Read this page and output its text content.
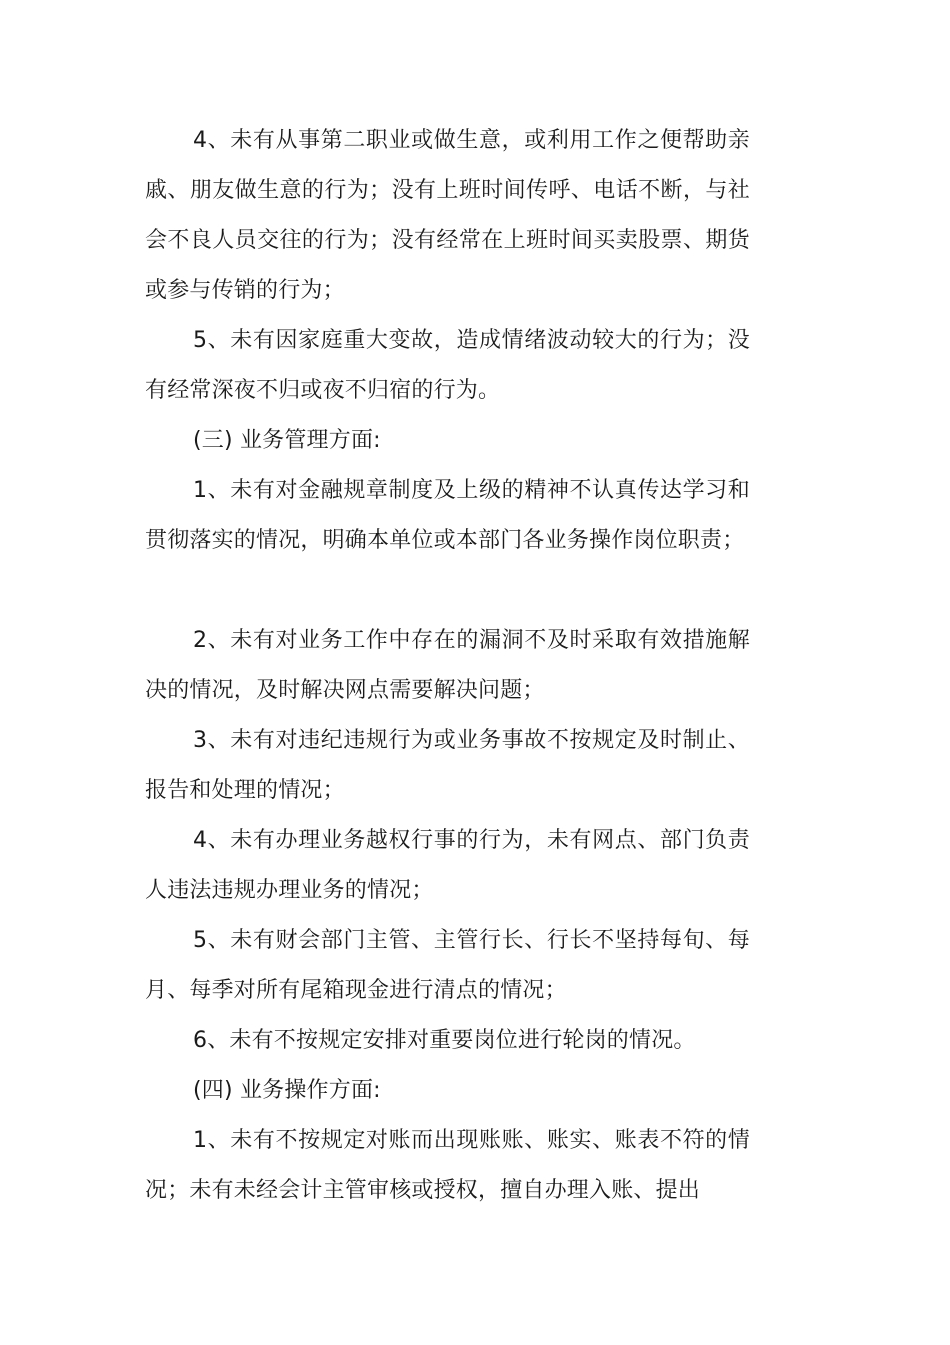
4、未有从事第二职业或做生意，或利用工作之便帮助亲戚、朋友做生意的行为；没有上班时间传呼、电话不断，与社会不良人员交往的行为；没有经常在上班时间买卖股票、期货或参与传销的行为；

5、未有因家庭重大变故，造成情绪波动较大的行为；没有经常深夜不归或夜不归宿的行为。

(三) 业务管理方面:

1、未有对金融规章制度及上级的精神不认真传达学习和贯彻落实的情况，明确本单位或本部门各业务操作岗位职责；

2、未有对业务工作中存在的漏洞不及时采取有效措施解决的情况，及时解决网点需要解决问题；

3、未有对违纪违规行为或业务事故不按规定及时制止、报告和处理的情况；

4、未有办理业务越权行事的行为，未有网点、部门负责人违法违规办理业务的情况；

5、未有财会部门主管、主管行长、行长不坚持每旬、每月、每季对所有尾箱现金进行清点的情况；

6、未有不按规定安排对重要岗位进行轮岗的情况。

(四) 业务操作方面:

1、未有不按规定对账而出现账账、账实、账表不符的情况；未有未经会计主管审核或授权，擅自办理入账、提出
